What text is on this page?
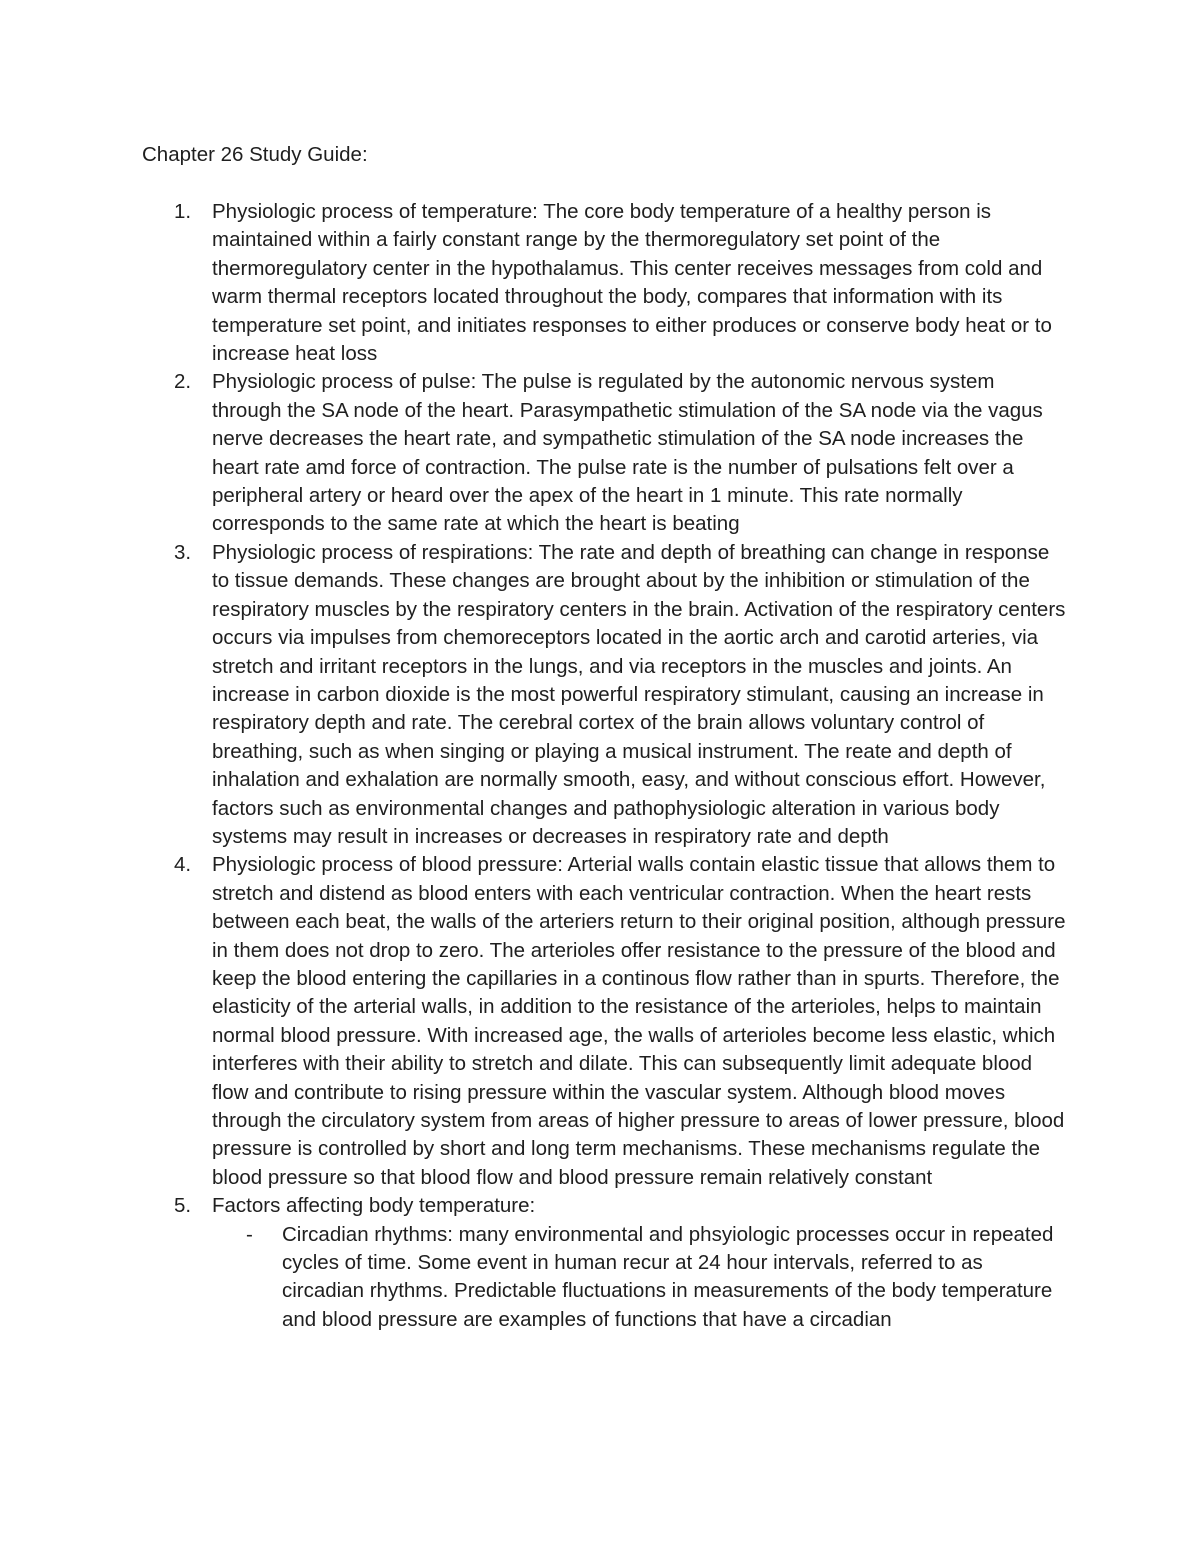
Chapter 26 Study Guide:
1. Physiologic process of temperature: The core body temperature of a healthy person is maintained within a fairly constant range by the thermoregulatory set point of the thermoregulatory center in the hypothalamus. This center receives messages from cold and warm thermal receptors located throughout the body, compares that information with its temperature set point, and initiates responses to either produces or conserve body heat or to increase heat loss
2. Physiologic process of pulse: The pulse is regulated by the autonomic nervous system through the SA node of the heart. Parasympathetic stimulation of the SA node via the vagus nerve decreases the heart rate, and sympathetic stimulation of the SA node increases the heart rate amd force of contraction. The pulse rate is the number of pulsations felt over a peripheral artery or heard over the apex of the heart in 1 minute. This rate normally corresponds to the same rate at which the heart is beating
3. Physiologic process of respirations: The rate and depth of breathing can change in response to tissue demands. These changes are brought about by the inhibition or stimulation of the respiratory muscles by the respiratory centers in the brain. Activation of the respiratory centers occurs via impulses from chemoreceptors located in the aortic arch and carotid arteries, via stretch and irritant receptors in the lungs, and via receptors in the muscles and joints. An increase in carbon dioxide is the most powerful respiratory stimulant, causing an increase in respiratory depth and rate. The cerebral cortex of the brain allows voluntary control of breathing, such as when singing or playing a musical instrument. The reate and depth of inhalation and exhalation are normally smooth, easy, and without conscious effort. However, factors such as environmental changes and pathophysiologic alteration in various body systems may result in increases or decreases in respiratory rate and depth
4. Physiologic process of blood pressure: Arterial walls contain elastic tissue that allows them to stretch and distend as blood enters with each ventricular contraction. When the heart rests between each beat, the walls of the arteriers return to their original position, although pressure in them does not drop to zero. The arterioles offer resistance to the pressure of the blood and keep the blood entering the capillaries in a continous flow rather than in spurts. Therefore, the elasticity of the arterial walls, in addition to the resistance of the arterioles, helps to maintain normal blood pressure. With increased age, the walls of arterioles become less elastic, which interferes with their ability to stretch and dilate. This can subsequently limit adequate blood flow and contribute to rising pressure within the vascular system. Although blood moves through the circulatory system from areas of higher pressure to areas of lower pressure, blood pressure is controlled by short and long term mechanisms. These mechanisms regulate the blood pressure so that blood flow and blood pressure remain relatively constant
5. Factors affecting body temperature:
- Circadian rhythms: many environmental and phsyiologic processes occur in repeated cycles of time. Some event in human recur at 24 hour intervals, referred to as circadian rhythms. Predictable fluctuations in measurements of the body temperature and blood pressure are examples of functions that have a circadian
